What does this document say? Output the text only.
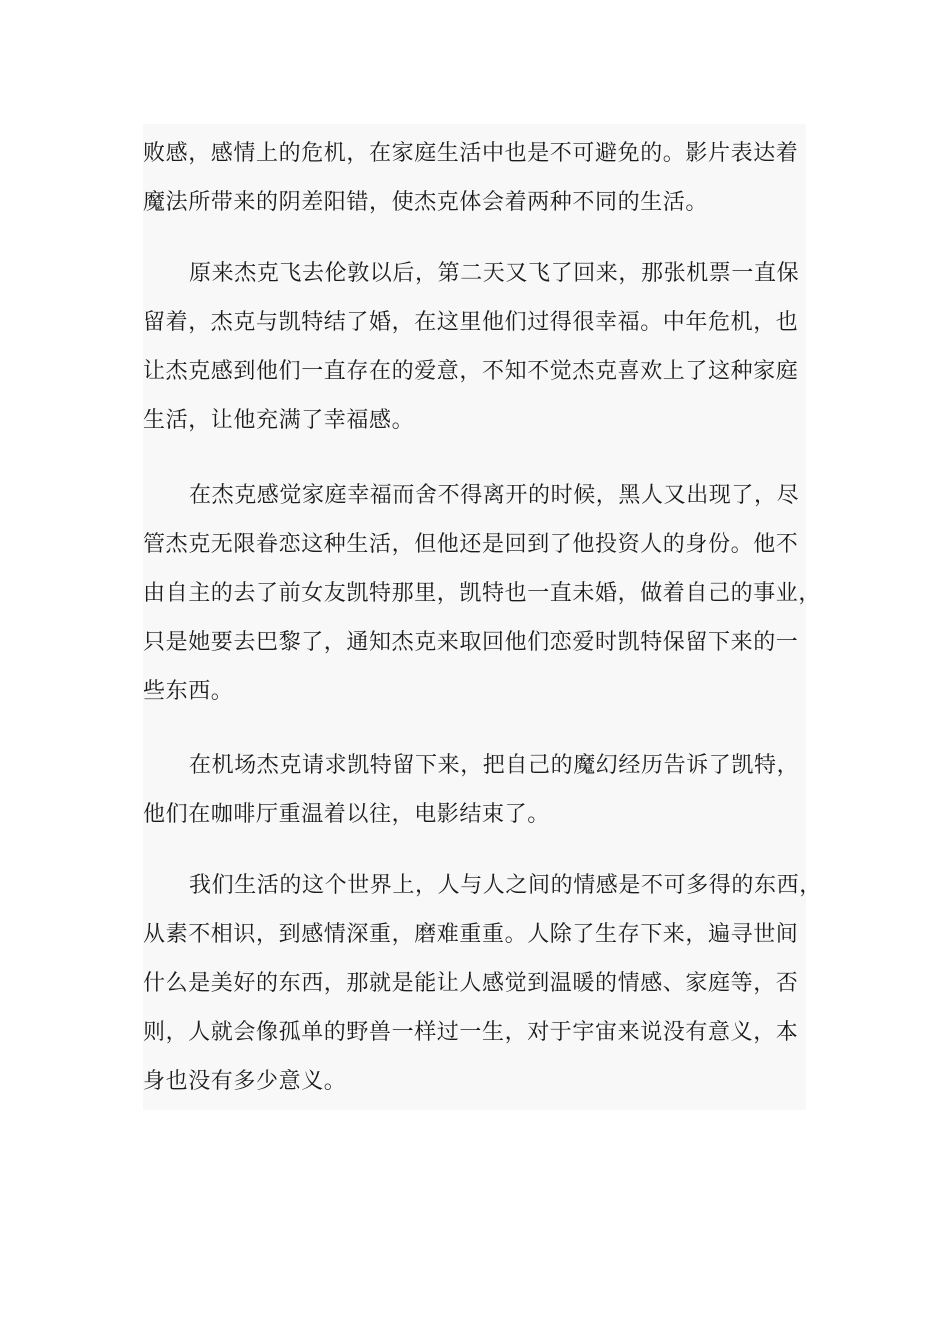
败感，感情上的危机，在家庭生活中也是不可避免的。影片表达着
魔法所带来的阴差阳错，使杰克体会着两种不同的生活。
原来杰克飞去伦敦以后，第二天又飞了回来，那张机票一直保
留着，杰克与凯特结了婚，在这里他们过得很幸福。中年危机，也
让杰克感到他们一直存在的爱意，不知不觉杰克喜欢上了这种家庭
生活，让他充满了幸福感。
在杰克感觉家庭幸福而舍不得离开的时候，黑人又出现了，尽
管杰克无限眷恋这种生活，但他还是回到了他投资人的身份。他不
由自主的去了前女友凯特那里，凯特也一直未婚，做着自己的事业，
只是她要去巴黎了，通知杰克来取回他们恋爱时凯特保留下来的一
些东西。
在机场杰克请求凯特留下来，把自己的魔幻经历告诉了凯特，
他们在咖啡厅重温着以往，电影结束了。
我们生活的这个世界上，人与人之间的情感是不可多得的东西，
从素不相识，到感情深重，磨难重重。人除了生存下来，遍寻世间
什么是美好的东西，那就是能让人感觉到温暖的情感、家庭等，否
则，人就会像孤单的野兽一样过一生，对于宇宙来说没有意义，本
身也没有多少意义。
